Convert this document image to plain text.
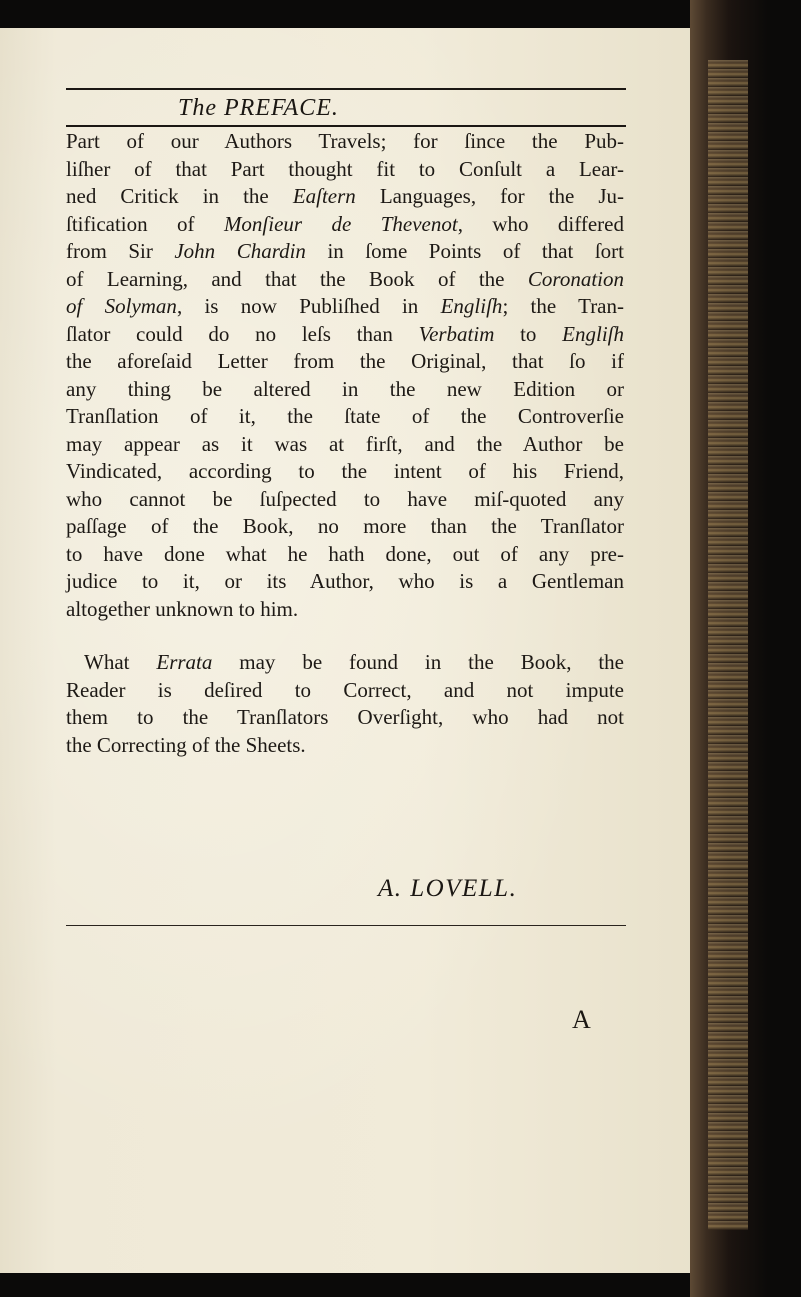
The PREFACE.
Part of our Authors Travels; for ſince the Pub-
liſher of that Part thought fit to Conſult a Lear-
ned Critick in the Eaſtern Languages, for the Ju-
ſtification of Monſieur de Thevenot, who differed
from Sir John Chardin in ſome Points of that ſort
of Learning, and that the Book of the Coronation
of Solyman, is now Publiſhed in Engliſh; the Tran-
ſlator could do no leſs than Verbatim to Engliſh
the aforeſaid Letter from the Original, that ſo if
any thing be altered in the new Edition or
Tranſlation of it, the ſtate of the Controverſie
may appear as it was at firſt, and the Author be
Vindicated, according to the intent of his Friend,
who cannot be ſuſpected to have miſ-quoted any
paſſage of the Book, no more than the Tranſlator
to have done what he hath done, out of any pre-
judice to it, or its Author, who is a Gentleman
altogether unknown to him.
What Errata may be found in the Book, the
Reader is deſired to Correct, and not impute
them to the Tranſlators Overſight, who had not
the Correcting of the Sheets.
A. LOVELL.
A
